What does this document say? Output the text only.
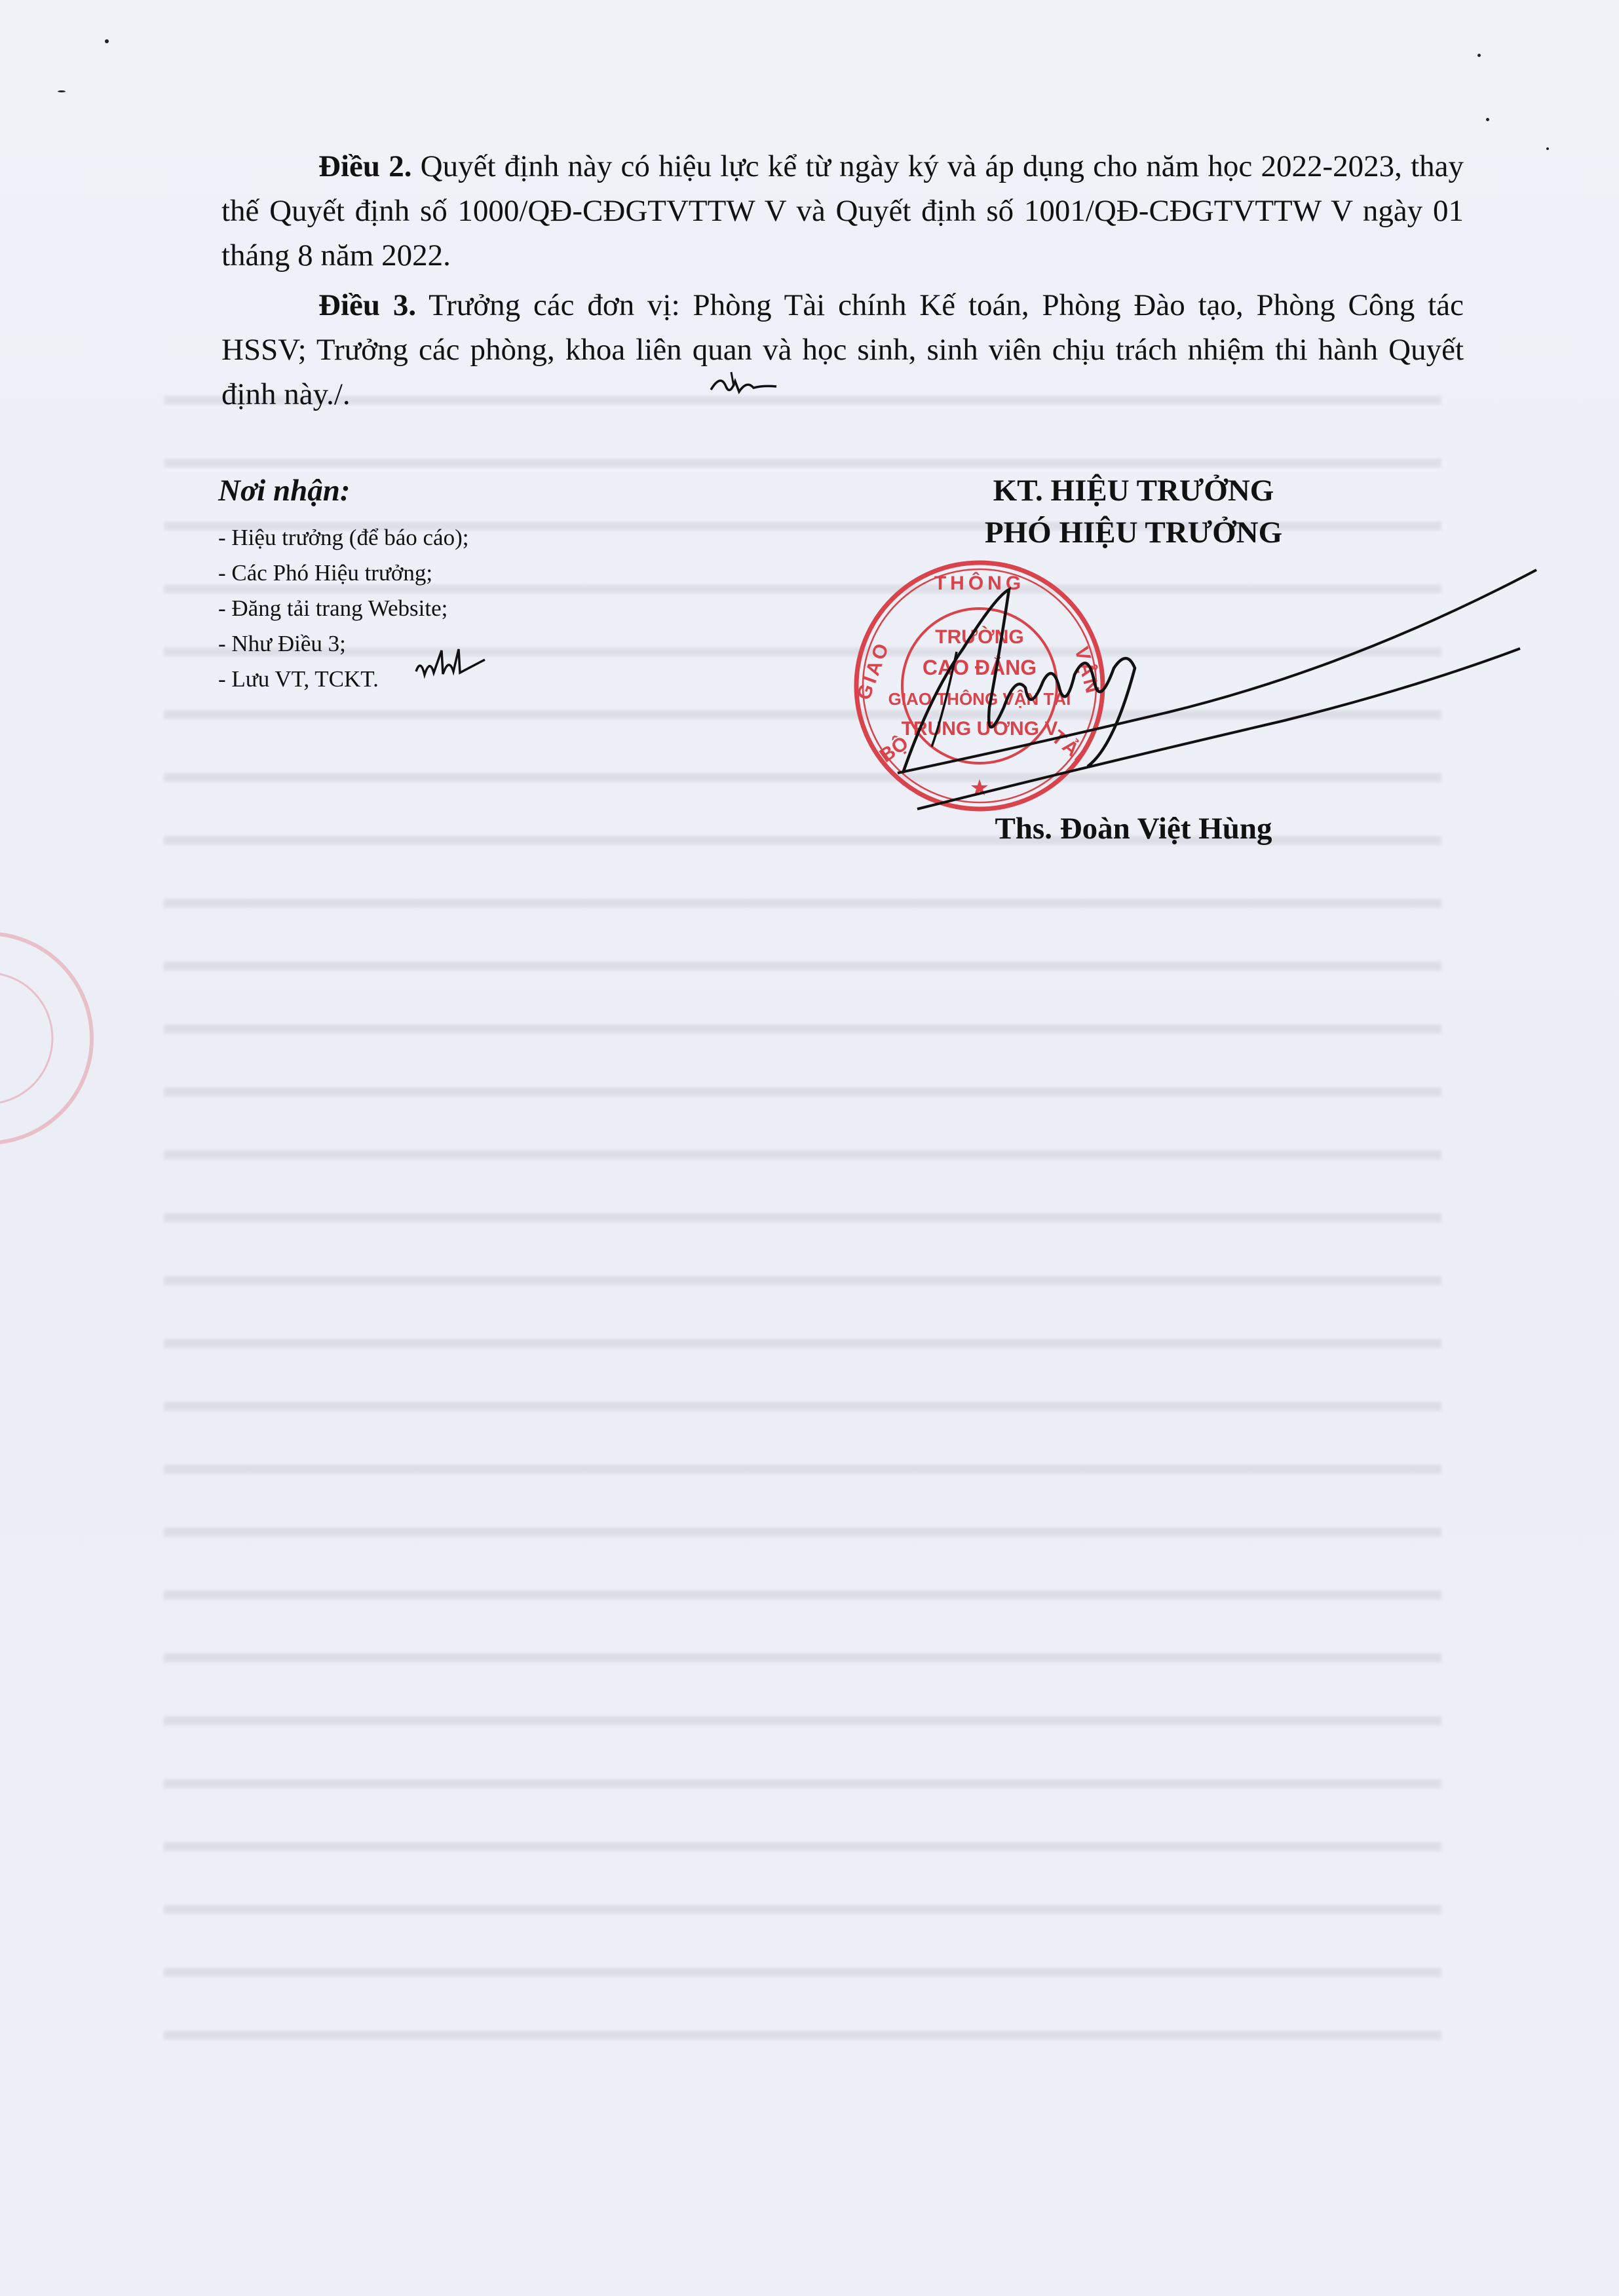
Điều 2. Quyết định này có hiệu lực kể từ ngày ký và áp dụng cho năm học 2022-2023, thay thế Quyết định số 1000/QĐ-CĐGTVTTW V và Quyết định số 1001/QĐ-CĐGTVTTW V ngày 01 tháng 8 năm 2022.

Điều 3. Trưởng các đơn vị: Phòng Tài chính Kế toán, Phòng Đào tạo, Phòng Công tác HSSV; Trưởng các phòng, khoa liên quan và học sinh, sinh viên chịu trách nhiệm thi hành Quyết định này./.

Nơi nhận:

- Hiệu trưởng (để báo cáo);
- Các Phó Hiệu trưởng;
- Đăng tải trang Website;
- Như Điều 3;
- Lưu VT, TCKT.

KT. HIỆU TRƯỞNG

PHÓ HIỆU TRƯỞNG

THÔNG
GIAO
BỘ
VẬN
TẢI
TRƯỜNG
CAO ĐẲNG
GIAO THÔNG VẬN TẢI
TRUNG ƯƠNG V
★

Ths. Đoàn Việt Hùng
